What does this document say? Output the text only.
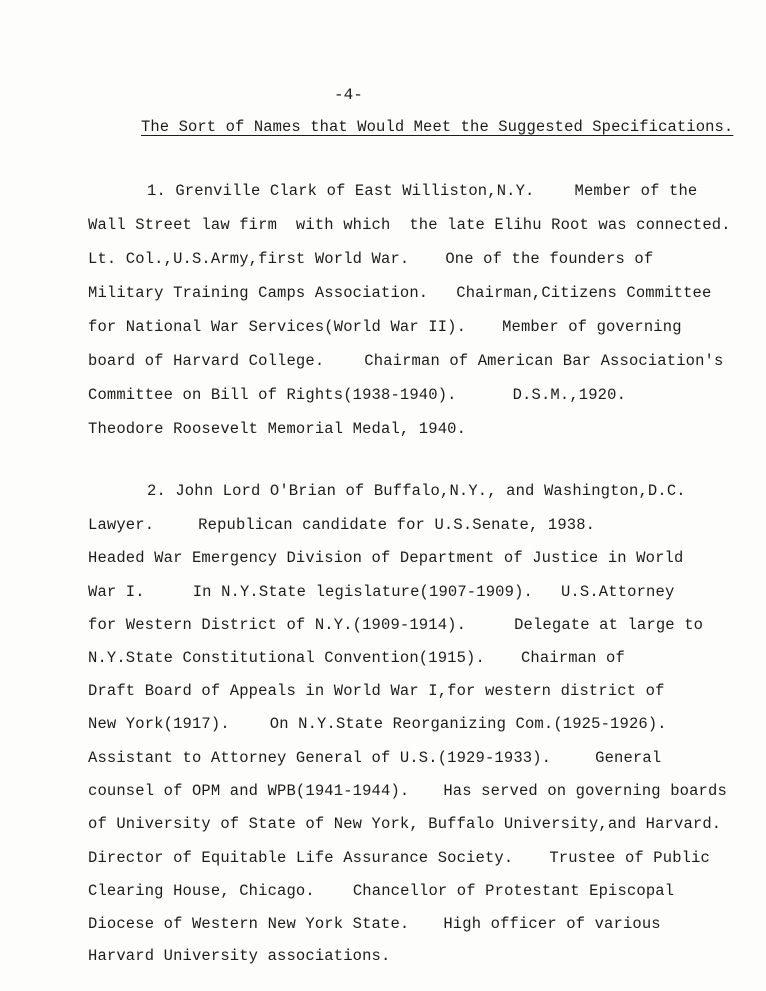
-4-
The Sort of Names that Would Meet the Suggested Specifications.
1. Grenville Clark of East Williston,N.Y.	Member of the
Wall Street law firm  with which  the late Elihu Root was connected.
Lt. Col.,U.S.Army,first World War. One of the founders of
Military Training Camps Association. Chairman,Citizens Committee
for National War Services(World War II). Member of governing
board of Harvard College.	Chairman of American Bar Association's
Committee on Bill of Rights(1938-1940).	D.S.M.,1920.
Theodore Roosevelt Memorial Medal, 1940.
2. John Lord O'Brian of Buffalo,N.Y., and Washington,D.C.
Lawyer.	Republican candidate for U.S.Senate, 1938.
Headed War Emergency Division of Department of Justice in World
War I.	In N.Y.State legislature(1907-1909). U.S.Attorney
for Western District of N.Y.(1909-1914).	Delegate at large to
N.Y.State Constitutional Convention(1915). Chairman of
Draft Board of Appeals in World War I,for western district of
New York(1917).	On N.Y.State Reorganizing Com.(1925-1926).
Assistant to Attorney General of U.S.(1929-1933).	General
counsel of OPM and WPB(1941-1944). Has served on governing boards
of University of State of New York, Buffalo University,and Harvard.
Director of Equitable Life Assurance Society. Trustee of Public
Clearing House, Chicago. Chancellor of Protestant Episcopal
Diocese of Western New York State. High officer of various
Harvard University associations.
